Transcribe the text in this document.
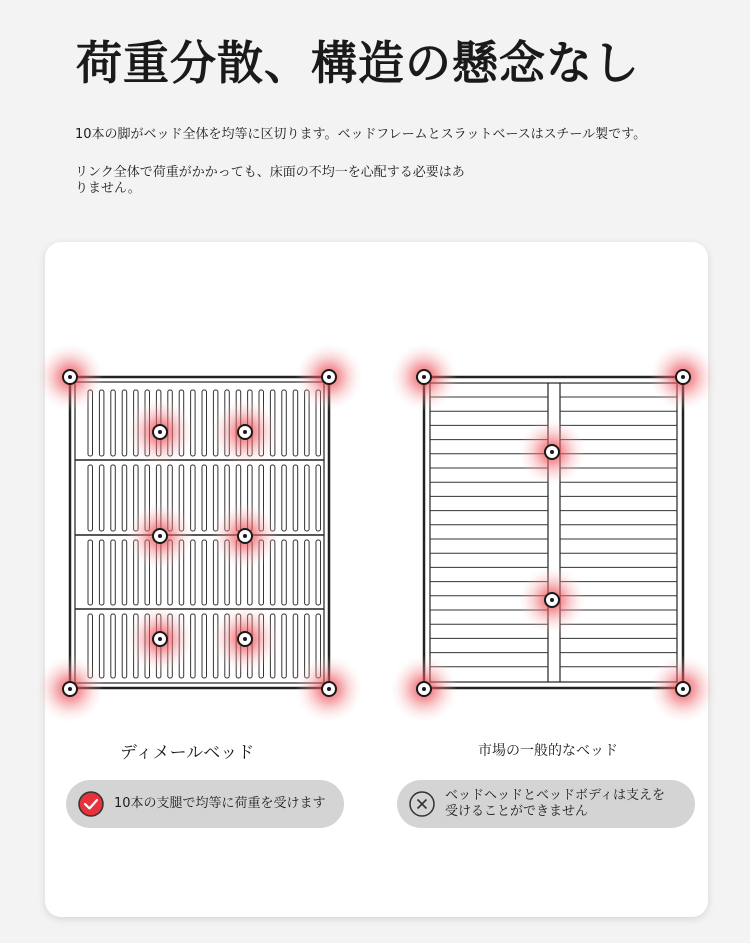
荷重分散、構造の懸念なし

10本の脚がベッド全体を均等に区切ります。ベッドフレームとスラットベースはスチール製です。

リンク全体で荷重がかかっても、床面の不均一を心配する必要はありません。

ディメールベッド	市場の一般的なベッド

10本の支腿で均等に荷重を受けます
ベッドヘッドとベッドボディは支えを受けることができません
